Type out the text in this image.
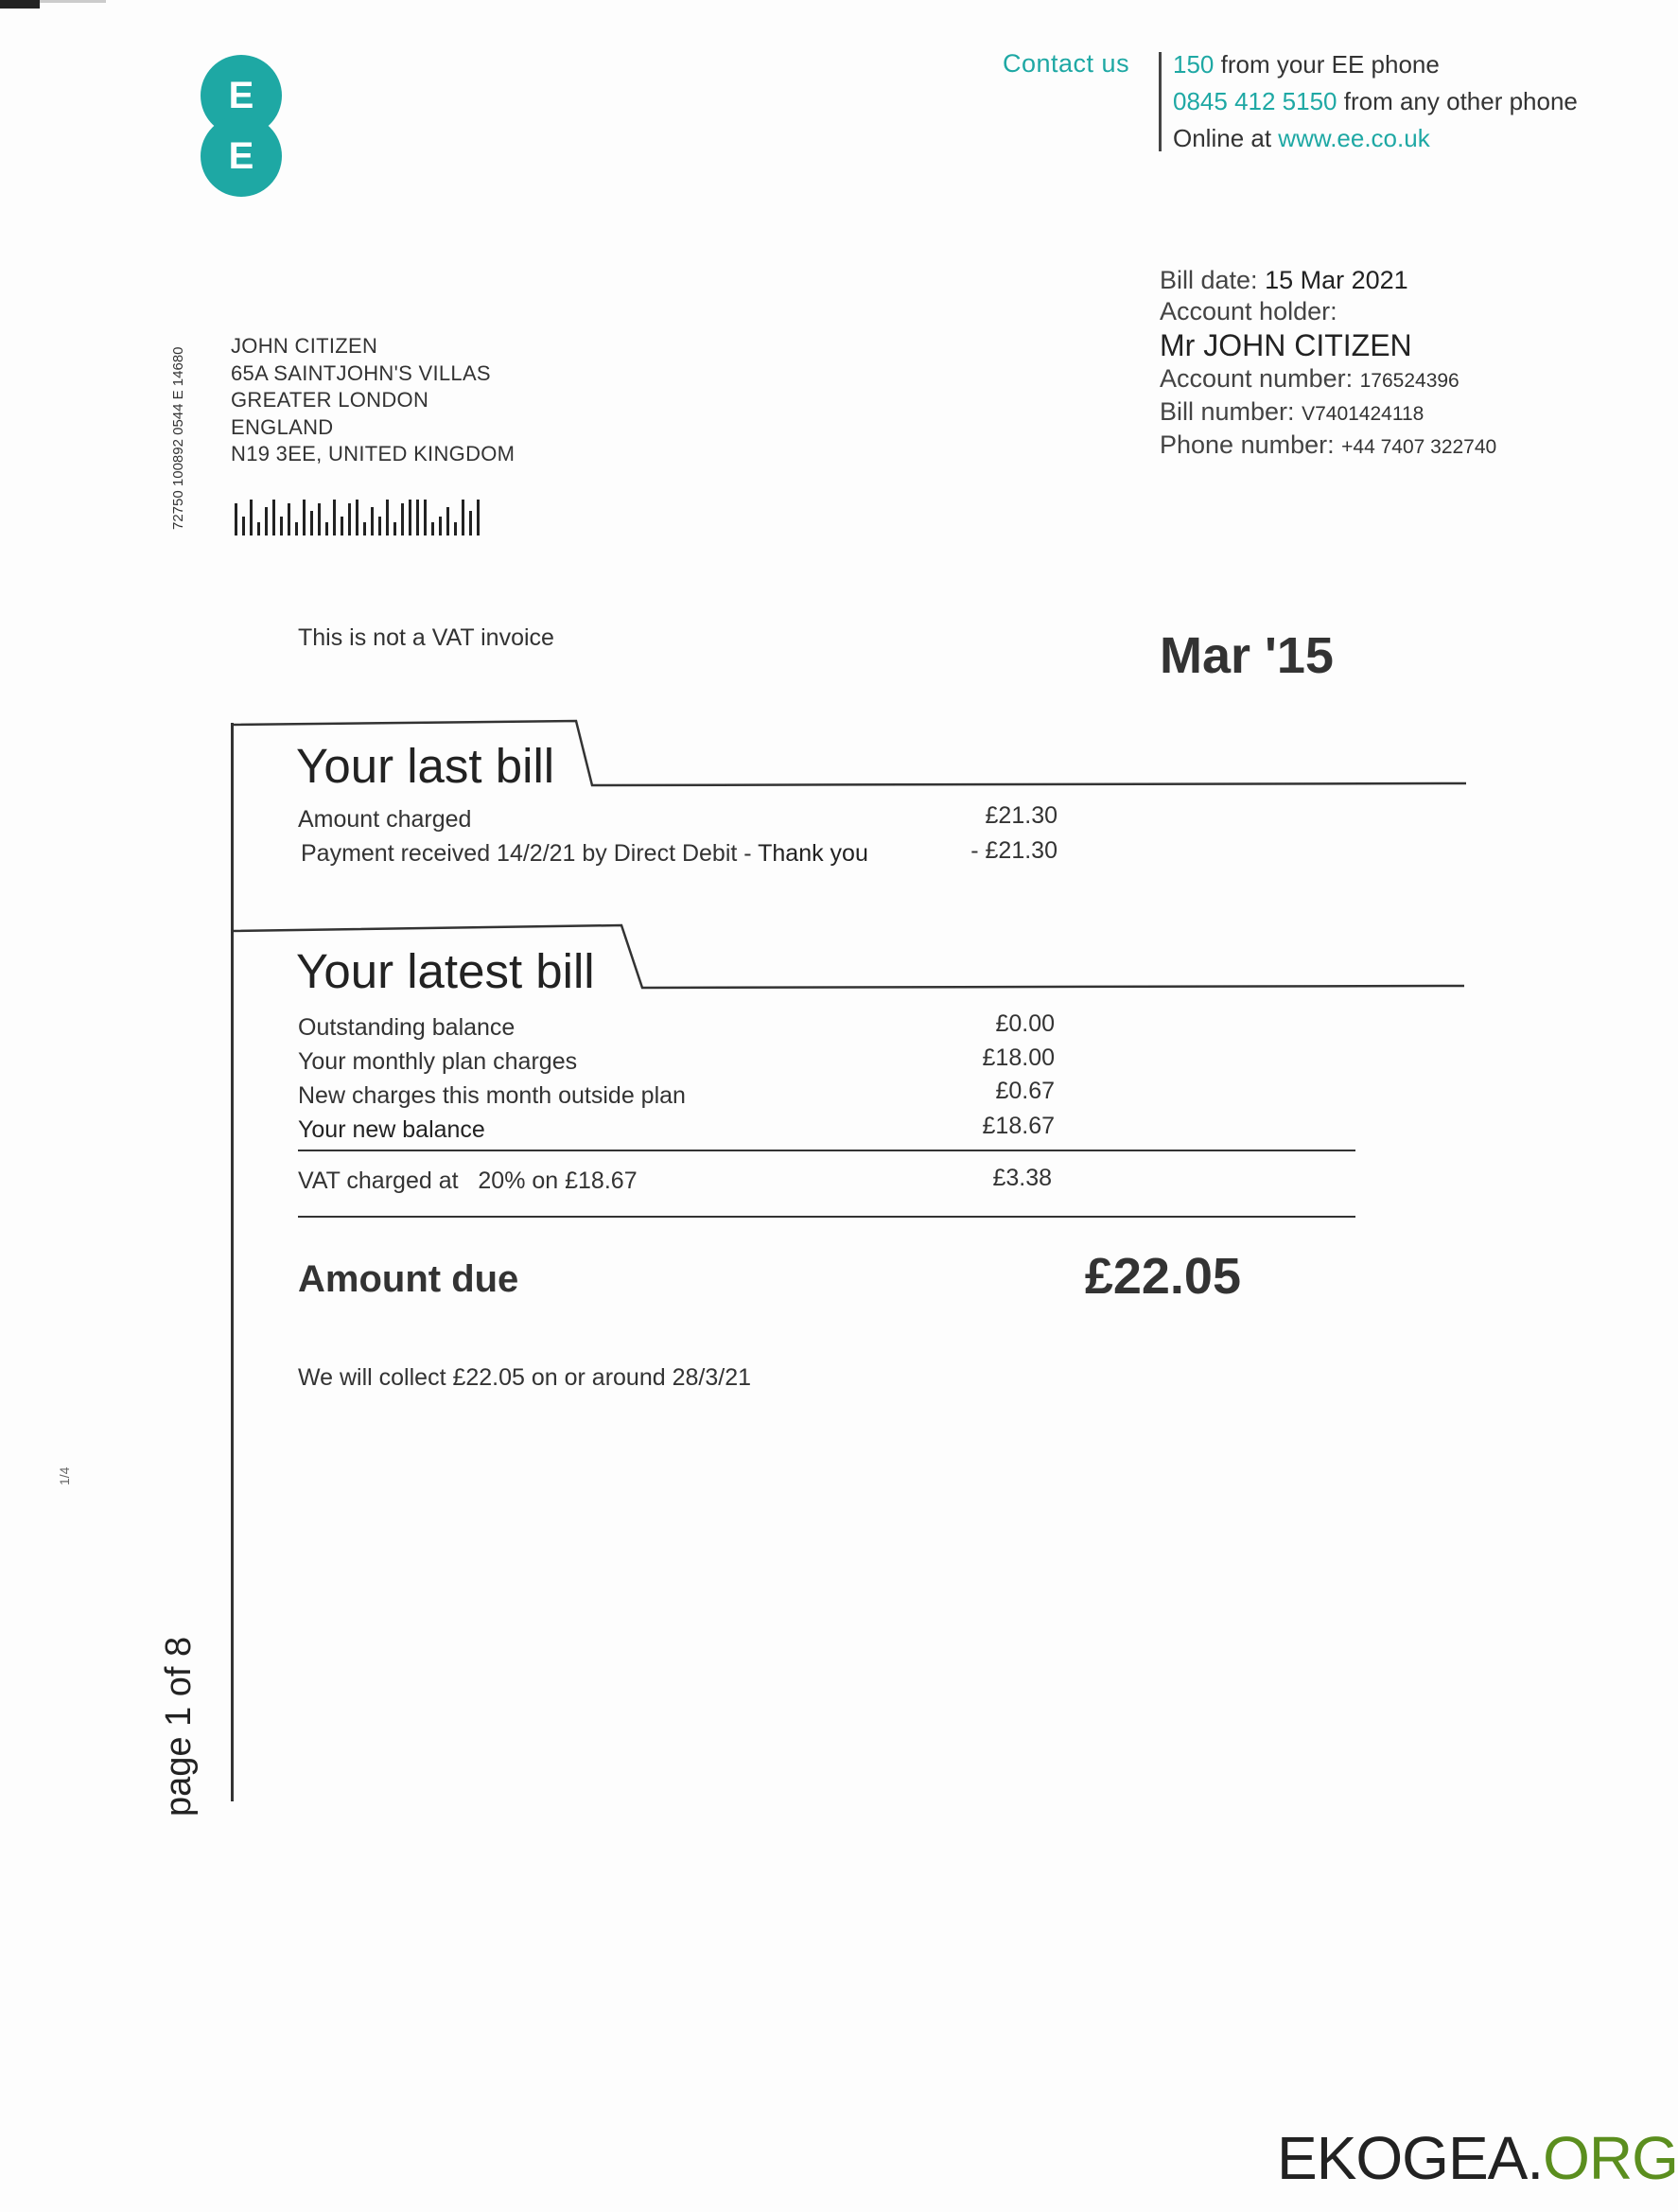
E
E
Contact us 150 from your EE phone
0845 412 5150 from any other phone
Online at www.ee.co.uk
Bill date: 15 Mar 2021
Account holder:
Mr JOHN CITIZEN
Account number: 176524396
Bill number: V7401424118
Phone number: +44 7407 322740
72750 100892 0544 E 14680
1/4
JOHN CITIZEN
65A SAINTJOHN'S VILLAS
GREATER LONDON
ENGLAND
N19 3EE, UNITED KINGDOM
This is not a VAT invoice	Mar '15
Your last bill
Amount charged	£21.30
Payment received 14/2/21 by Direct Debit - Thank you	- £21.30
Your latest bill
Outstanding balance	£0.00
Your monthly plan charges	£18.00
New charges this month outside plan	£0.67
Your new balance	£18.67
VAT charged at 20% on £18.67	£3.38
Amount due	£22.05
We will collect £22.05 on or around 28/3/21
page 1 of 8
EKOGEA.ORG
